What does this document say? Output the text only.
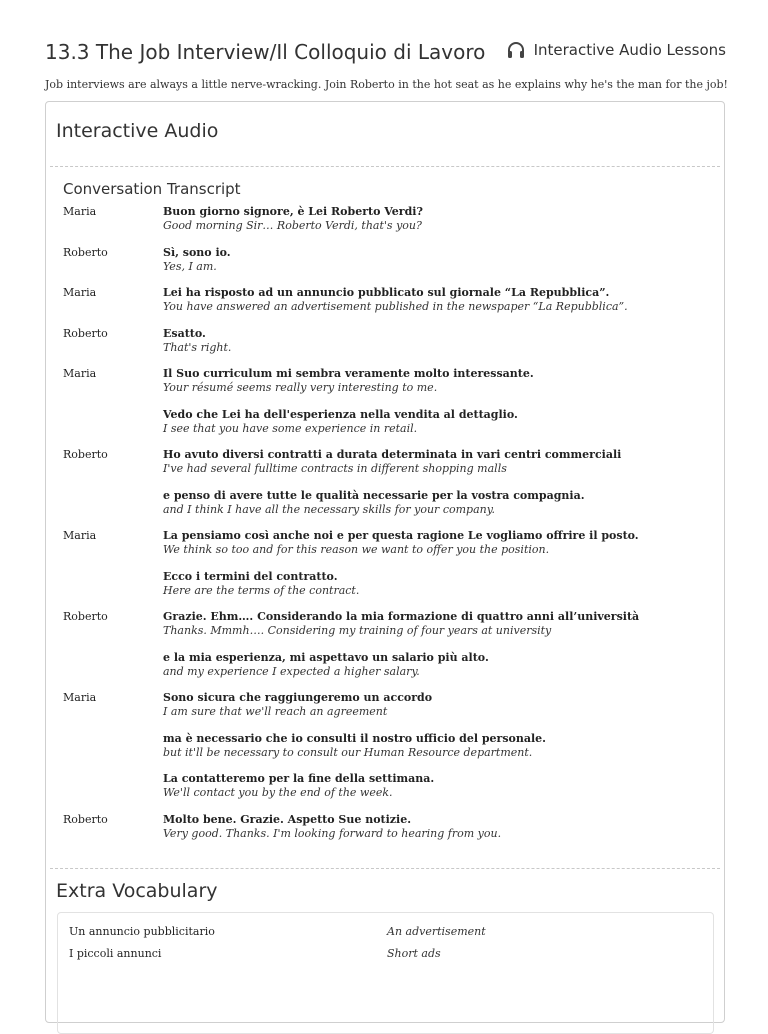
13.3 The Job Interview/Il Colloquio di Lavoro	Interactive Audio Lessons
Job interviews are always a little nerve-wracking. Join Roberto in the hot seat as he explains why he's the man for the job!
Interactive Audio
Conversation Transcript
Maria	Buon giorno signore, è Lei Roberto Verdi?
Good morning Sir… Roberto Verdi, that's you?
Roberto	Sì, sono io.
Yes, I am.
Maria	Lei ha risposto ad un annuncio pubblicato sul giornale “La Repubblica”.
You have answered an advertisement published in the newspaper “La Repubblica”.
Roberto	Esatto.
That's right.
Maria	Il Suo curriculum mi sembra veramente molto interessante.
Your résumé seems really very interesting to me.
Vedo che Lei ha dell'esperienza nella vendita al dettaglio.
I see that you have some experience in retail.
Roberto	Ho avuto diversi contratti a durata determinata in vari centri commerciali
I've had several fulltime contracts in different shopping malls
e penso di avere tutte le qualità necessarie per la vostra compagnia.
and I think I have all the necessary skills for your company.
Maria	La pensiamo così anche noi e per questa ragione Le vogliamo offrire il posto.
We think so too and for this reason we want to offer you the position.
Ecco i termini del contratto.
Here are the terms of the contract.
Roberto	Grazie. Ehm…. Considerando la mia formazione di quattro anni all’università
Thanks. Mmmh…. Considering my training of four years at university
e la mia esperienza, mi aspettavo un salario più alto.
and my experience I expected a higher salary.
Maria	Sono sicura che raggiungeremo un accordo
I am sure that we'll reach an agreement
ma è necessario che io consulti il nostro ufficio del personale.
but it'll be necessary to consult our Human Resource department.
La contatteremo per la fine della settimana.
We'll contact you by the end of the week.
Roberto	Molto bene. Grazie. Aspetto Sue notizie.
Very good. Thanks. I'm looking forward to hearing from you.
Extra Vocabulary
Un annuncio pubblicitario	An advertisement
I piccoli annunci	Short ads
